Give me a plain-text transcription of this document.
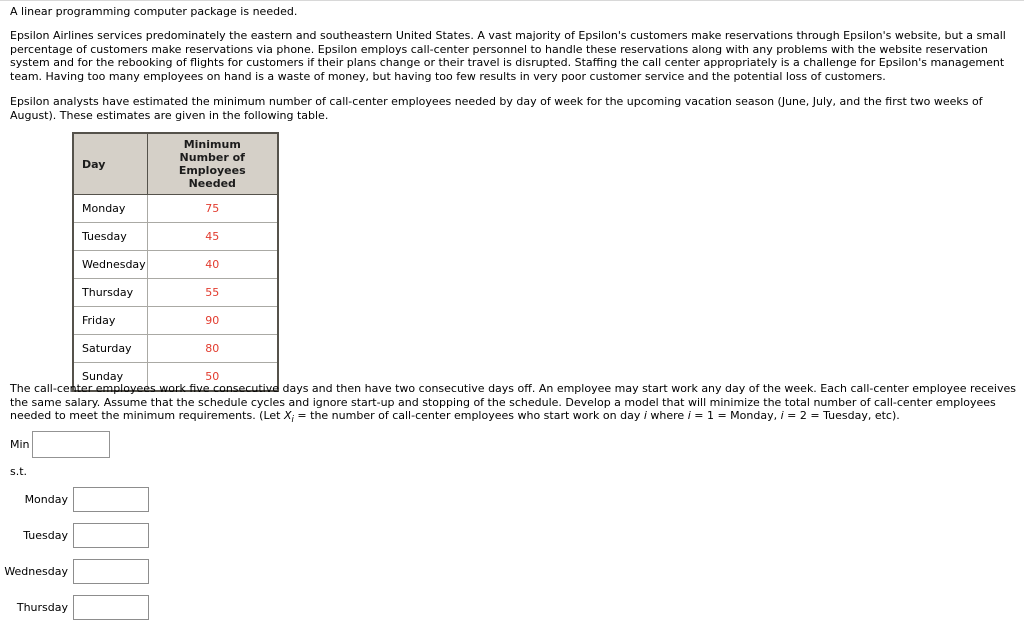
A linear programming computer package is needed.
Epsilon Airlines services predominately the eastern and southeastern United States. A vast majority of Epsilon's customers make reservations through Epsilon's website, but a small percentage of customers make reservations via phone. Epsilon employs call-center personnel to handle these reservations along with any problems with the website reservation system and for the rebooking of flights for customers if their plans change or their travel is disrupted. Staffing the call center appropriately is a challenge for Epsilon's management team. Having too many employees on hand is a waste of money, but having too few results in very poor customer service and the potential loss of customers.
Epsilon analysts have estimated the minimum number of call-center employees needed by day of week for the upcoming vacation season (June, July, and the first two weeks of August). These estimates are given in the following table.
Day	Minimum Number of
Employees Needed

Monday	75
Tuesday	45
Wednesday	40
Thursday	55
Friday	90
Saturday	80
Sunday	50
The call-center employees work five consecutive days and then have two consecutive days off. An employee may start work any day of the week. Each call-center employee receives the same salary. Assume that the schedule cycles and ignore start-up and stopping of the schedule. Develop a model that will minimize the total number of call-center employees needed to meet the minimum requirements. (Let $X_i$ = the number of call-center employees who start work on day i where i = 1 = Monday, i = 2 = Tuesday, etc).
Min
s.t.
Monday
Tuesday
Wednesday
Thursday
